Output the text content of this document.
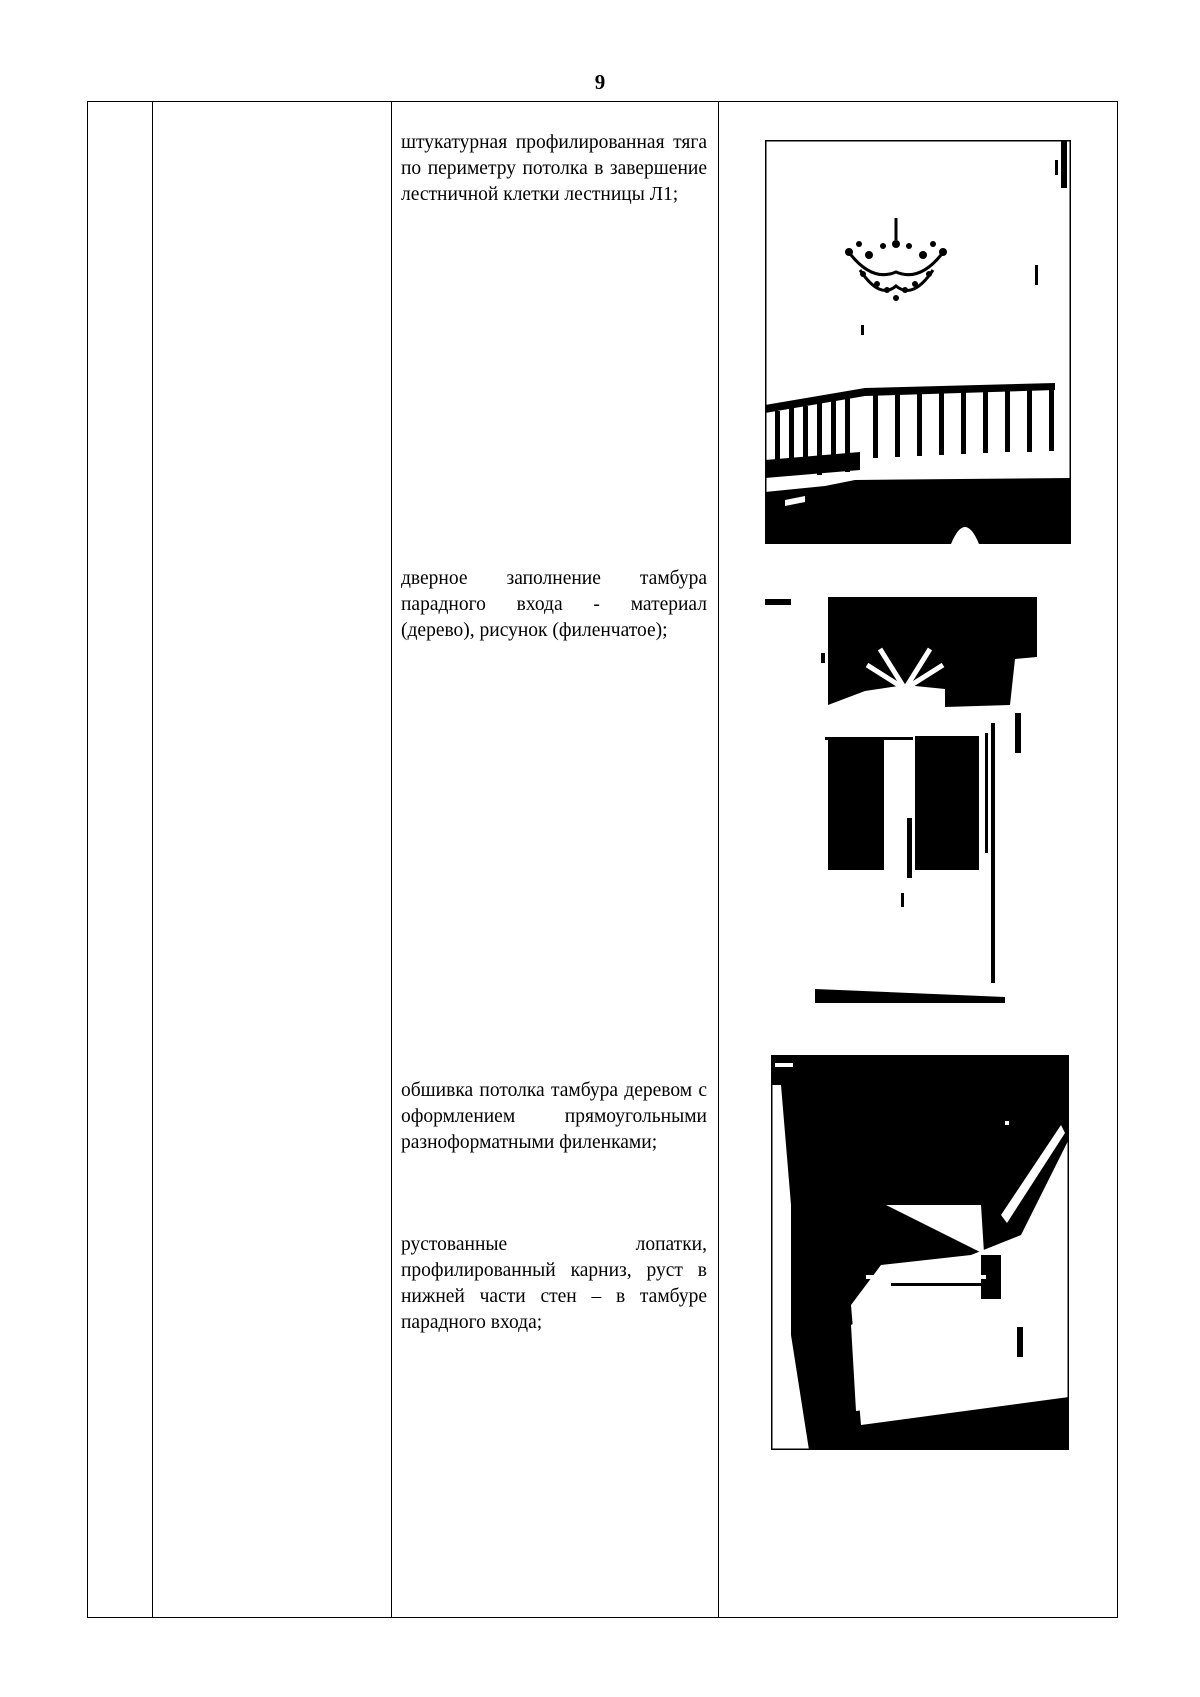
9
штукатурная профилированная тяга по периметру потолка в завершение лестничной клетки лестницы Л1;
дверное заполнение тамбура парадного входа - материал (дерево), рисунок (филенчатое);
обшивка потолка тамбура деревом с оформлением прямоугольными разноформатными филенками;
рустованные лопатки, профилированный карниз, руст в нижней части стен – в тамбуре парадного входа;
